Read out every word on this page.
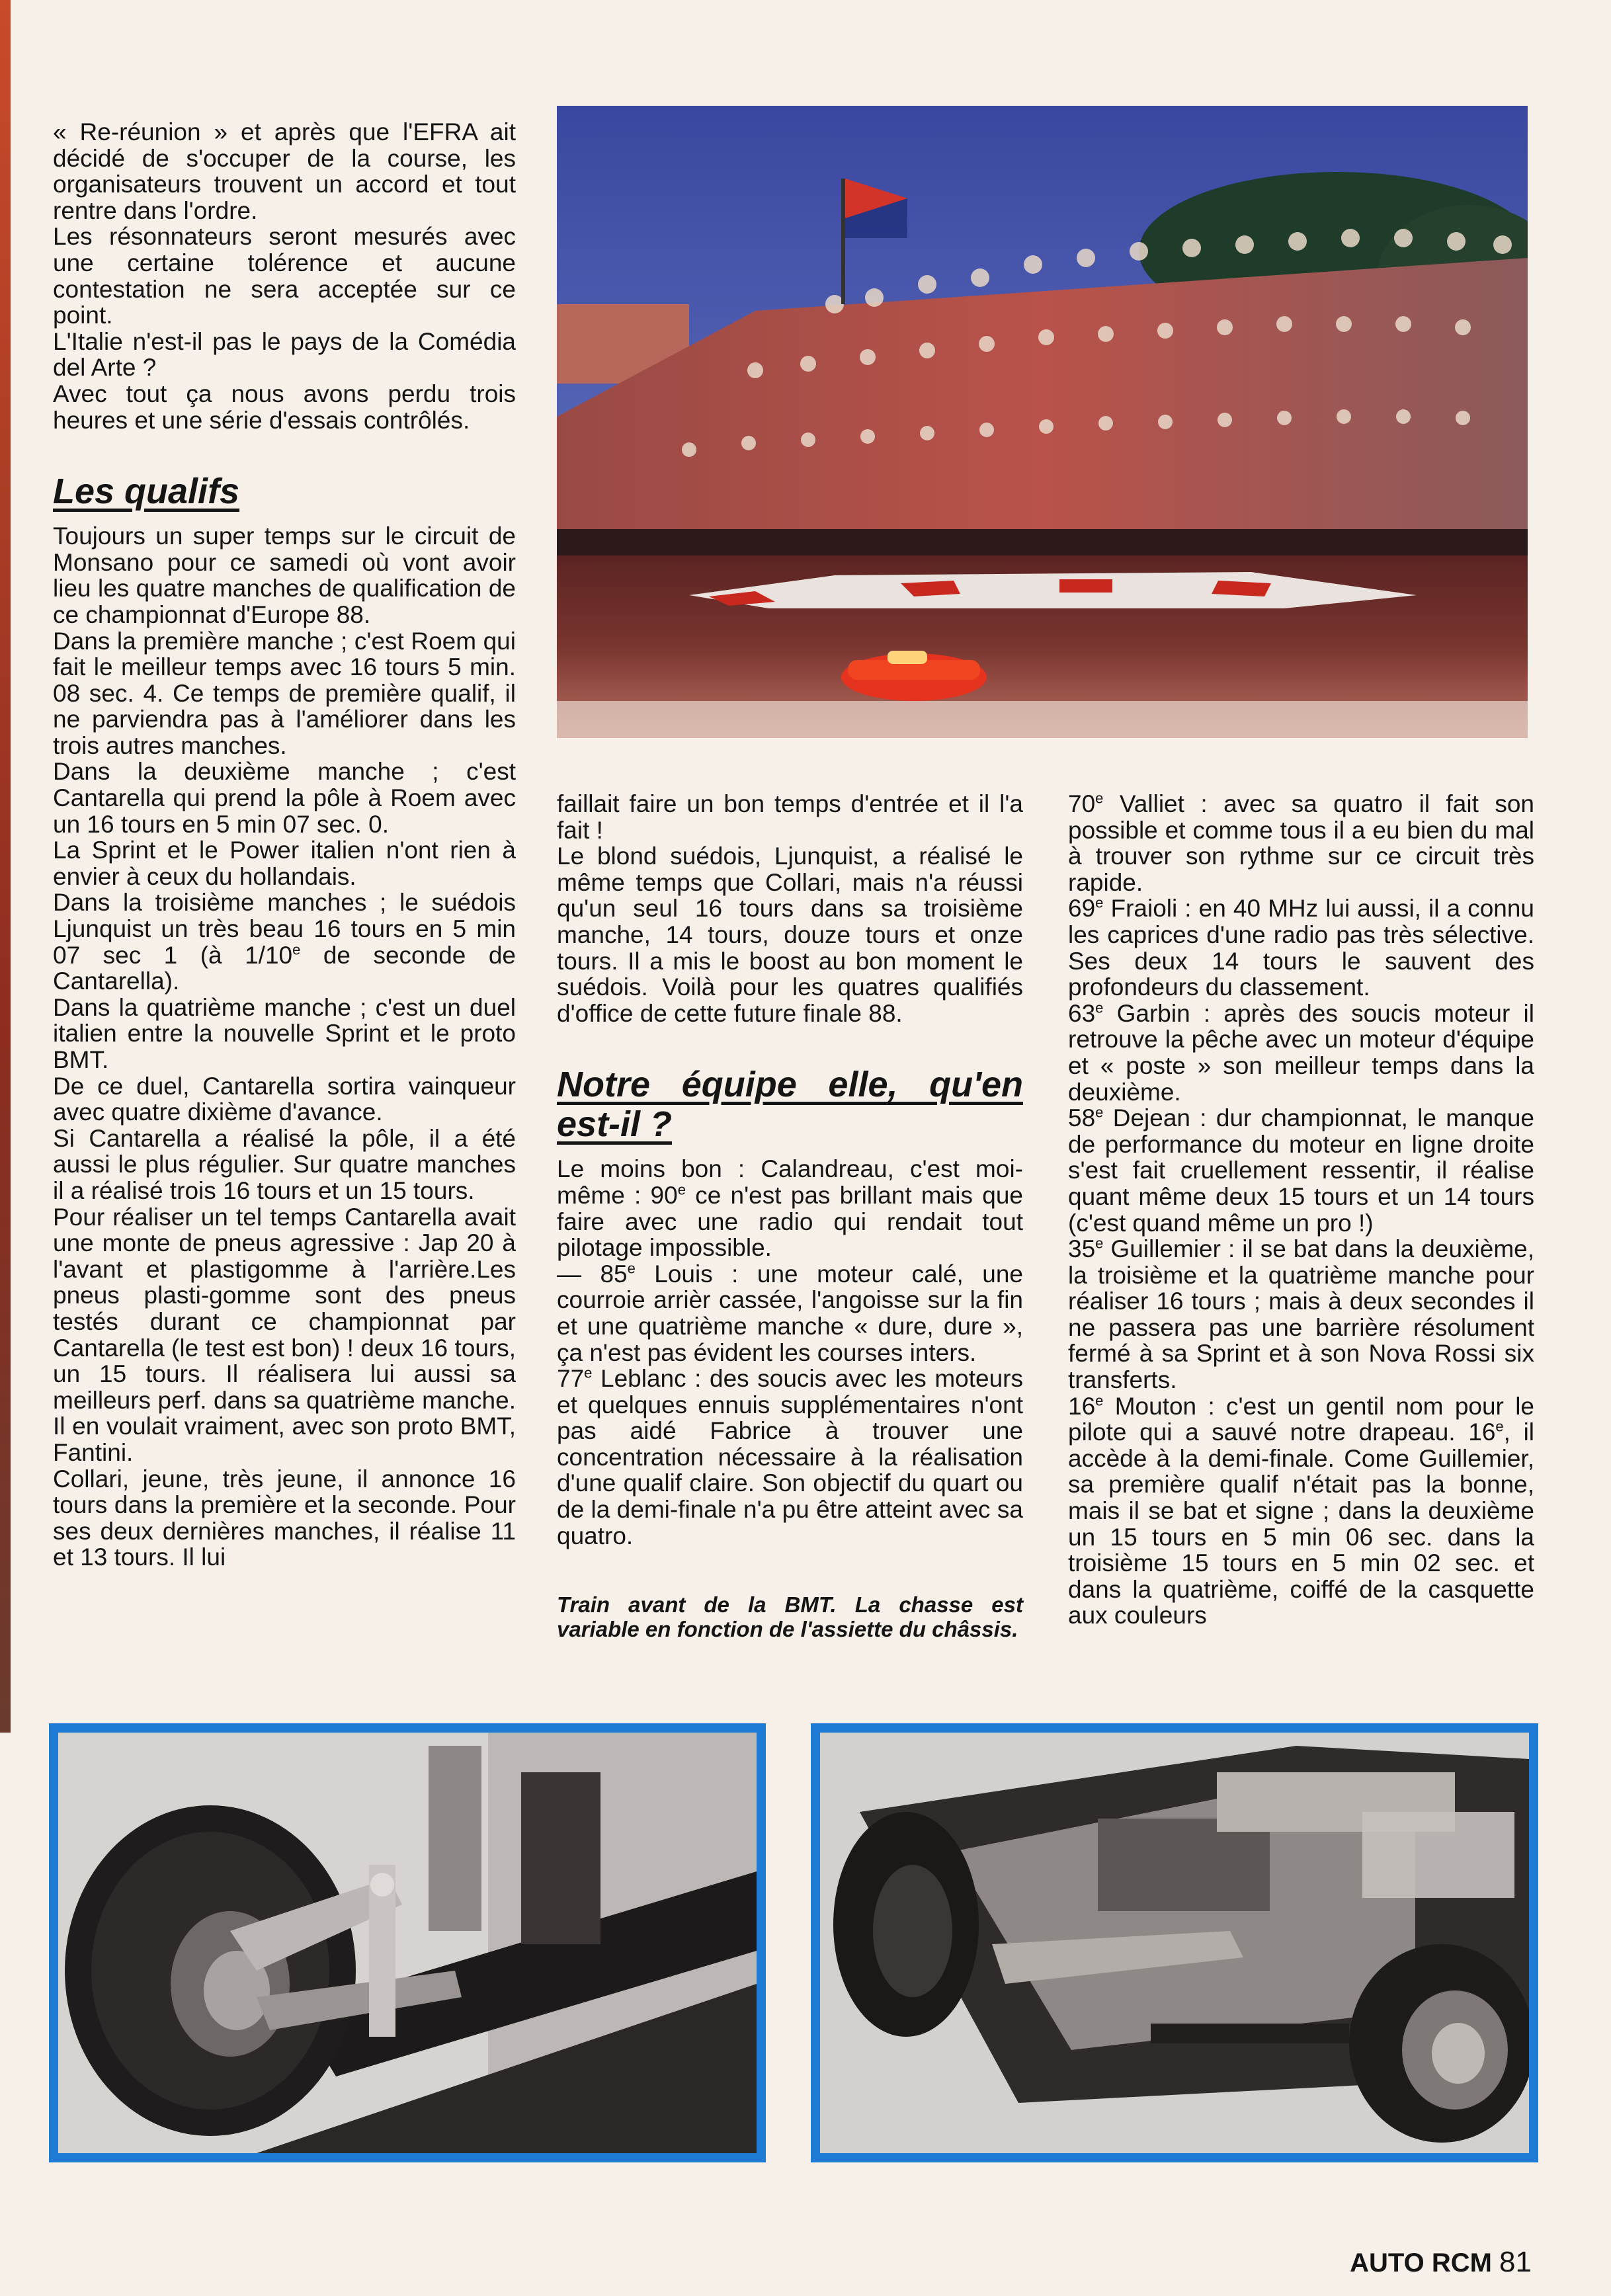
« Re-réunion » et après que l'EFRA ait décidé de s'occuper de la course, les organisateurs trouvent un accord et tout rentre dans l'ordre.

Les résonnateurs seront mesurés avec une certaine tolérence et aucune contestation ne sera acceptée sur ce point.

L'Italie n'est-il pas le pays de la Comédia del Arte ?

Avec tout ça nous avons perdu trois heures et une série d'essais contrôlés.

Les qualifs

Toujours un super temps sur le circuit de Monsano pour ce samedi où vont avoir lieu les quatre manches de qualification de ce championnat d'Europe 88.

Dans la première manche ; c'est Roem qui fait le meilleur temps avec 16 tours 5 min. 08 sec. 4. Ce temps de première qualif, il ne parviendra pas à l'améliorer dans les trois autres manches.

Dans la deuxième manche ; c'est Cantarella qui prend la pôle à Roem avec un 16 tours en 5 min 07 sec. 0.

La Sprint et le Power italien n'ont rien à envier à ceux du hollandais.

Dans la troisième manches ; le suédois Ljunquist un très beau 16 tours en 5 min 07 sec 1 (à 1/10e de seconde de Cantarella).

Dans la quatrième manche ; c'est un duel italien entre la nouvelle Sprint et le proto BMT.

De ce duel, Cantarella sortira vainqueur avec quatre dixième d'avance.

Si Cantarella a réalisé la pôle, il a été aussi le plus régulier. Sur quatre manches il a réalisé trois 16 tours et un 15 tours.

Pour réaliser un tel temps Cantarella avait une monte de pneus agressive : Jap 20 à l'avant et plastigomme à l'arrière.Les pneus plasti-gomme sont des pneus testés durant ce championnat par Cantarella (le test est bon) ! deux 16 tours, un 15 tours. Il réalisera lui aussi sa meilleurs perf. dans sa quatrième manche. Il en voulait vraiment, avec son proto BMT, Fantini.

Collari, jeune, très jeune, il annonce 16 tours dans la première et la seconde. Pour ses deux dernières manches, il réalise 11 et 13 tours. Il lui

faillait faire un bon temps d'entrée et il l'a fait !

Le blond suédois, Ljunquist, a réalisé le même temps que Collari, mais n'a réussi qu'un seul 16 tours dans sa troisième manche, 14 tours, douze tours et onze tours. Il a mis le boost au bon moment le suédois. Voilà pour les quatres qualifiés d'office de cette future finale 88.

Notre équipe elle, qu'en est-il ?

Le moins bon : Calandreau, c'est moi-même : 90e ce n'est pas brillant mais que faire avec une radio qui rendait tout pilotage impossible.

— 85e Louis : une moteur calé, une courroie arrièr cassée, l'angoisse sur la fin et une quatrième manche « dure, dure », ça n'est pas évident les courses inters.

77e Leblanc : des soucis avec les moteurs et quelques ennuis supplémentaires n'ont pas aidé Fabrice à trouver une concentration nécessaire à la réalisation d'une qualif claire. Son objectif du quart ou de la demi-finale n'a pu être atteint avec sa quatro.

Train avant de la BMT. La chasse est variable en fonction de l'assiette du châssis.

70e Valliet : avec sa quatro il fait son possible et comme tous il a eu bien du mal à trouver son rythme sur ce circuit très rapide.

69e Fraioli : en 40 MHz lui aussi, il a connu les caprices d'une radio pas très sélective. Ses deux 14 tours le sauvent des profondeurs du classement.

63e Garbin : après des soucis moteur il retrouve la pêche avec un moteur d'équipe et « poste » son meilleur temps dans la deuxième.

58e Dejean : dur championnat, le manque de performance du moteur en ligne droite s'est fait cruellement ressentir, il réalise quant même deux 15 tours et un 14 tours (c'est quand même un pro !)

35e Guillemier : il se bat dans la deuxième, la troisième et la quatrième manche pour réaliser 16 tours ; mais à deux secondes il ne passera pas une barrière résolument fermé à sa Sprint et à son Nova Rossi six transferts.

16e Mouton : c'est un gentil nom pour le pilote qui a sauvé notre drapeau. 16e, il accède à la demi-finale. Come Guillemier, sa première qualif n'était pas la bonne, mais il se bat et signe ; dans la deuxième un 15 tours en 5 min 06 sec. dans la troisième 15 tours en 5 min 02 sec. et dans la quatrième, coiffé de la casquette aux couleurs

AUTO RCM 81
